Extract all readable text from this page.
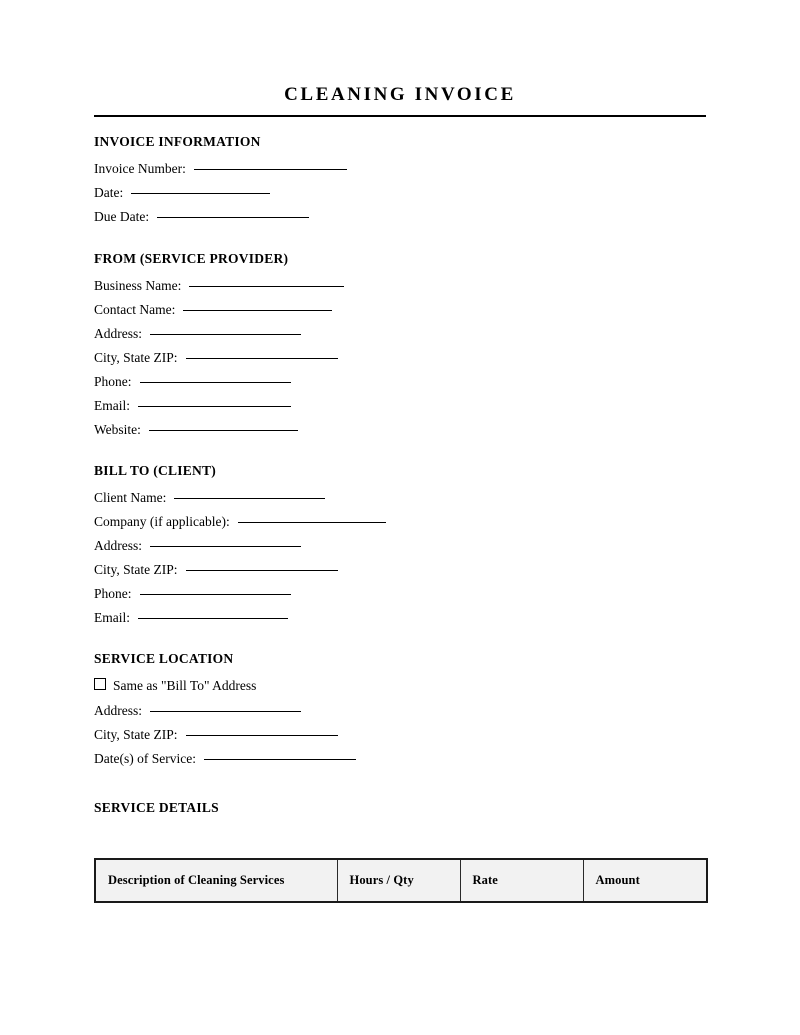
CLEANING INVOICE
INVOICE INFORMATION
Invoice Number:
Date:
Due Date:
FROM (SERVICE PROVIDER)
Business Name:
Contact Name:
Address:
City, State ZIP:
Phone:
Email:
Website:
BILL TO (CLIENT)
Client Name:
Company (if applicable):
Address:
City, State ZIP:
Phone:
Email:
SERVICE LOCATION
Same as "Bill To" Address
Address:
City, State ZIP:
Date(s) of Service:
SERVICE DETAILS
Description of Cleaning Services	Hours / Qty	Rate	Amount
